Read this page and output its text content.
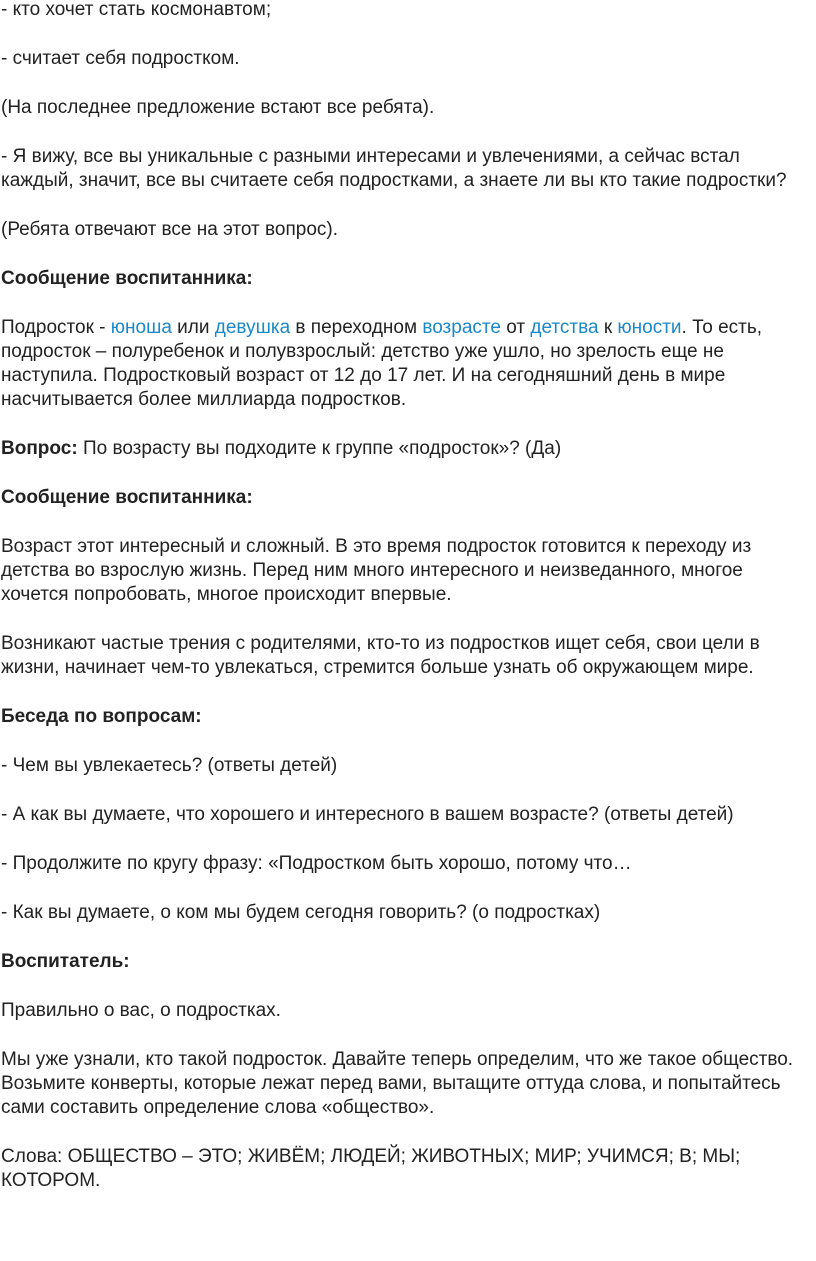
- кто хочет стать космонавтом;

- считает себя подростком.

(На последнее предложение встают все ребята).

- Я вижу, все вы уникальные с разными интересами и увлечениями, а сейчас встал каждый, значит, все вы считаете себя подростками, а знаете ли вы кто такие подростки?

(Ребята отвечают все на этот вопрос).

Сообщение воспитанника:

Подросток - юноша или девушка в переходном возрасте от детства к юности. То есть, подросток – полуребенок и полувзрослый: детство уже ушло, но зрелость еще не наступила. Подростковый возраст от 12 до 17 лет. И на сегодняшний день в мире насчитывается более миллиарда подростков.

Вопрос: По возрасту вы подходите к группе «подросток»? (Да)

Сообщение воспитанника:

Возраст этот интересный и сложный. В это время подросток готовится к переходу из детства во взрослую жизнь. Перед ним много интересного и неизведанного, многое хочется попробовать, многое происходит впервые.

Возникают частые трения с родителями, кто-то из подростков ищет себя, свои цели в жизни, начинает чем-то увлекаться, стремится больше узнать об окружающем мире.

Беседа по вопросам:

- Чем вы увлекаетесь? (ответы детей)

- А как вы думаете, что хорошего и интересного в вашем возрасте? (ответы детей)

- Продолжите по кругу фразу: «Подростком быть хорошо, потому что…

- Как вы думаете, о ком мы будем сегодня говорить? (о подростках)

Воспитатель:

Правильно о вас, о подростках.

Мы уже узнали, кто такой подросток. Давайте теперь определим, что же такое общество. Возьмите конверты, которые лежат перед вами, вытащите оттуда слова, и попытайтесь сами составить определение слова «общество».

Слова: ОБЩЕСТВО – ЭТО; ЖИВЁМ; ЛЮДЕЙ; ЖИВОТНЫХ; МИР; УЧИМСЯ; В; МЫ; КОТОРОМ.
